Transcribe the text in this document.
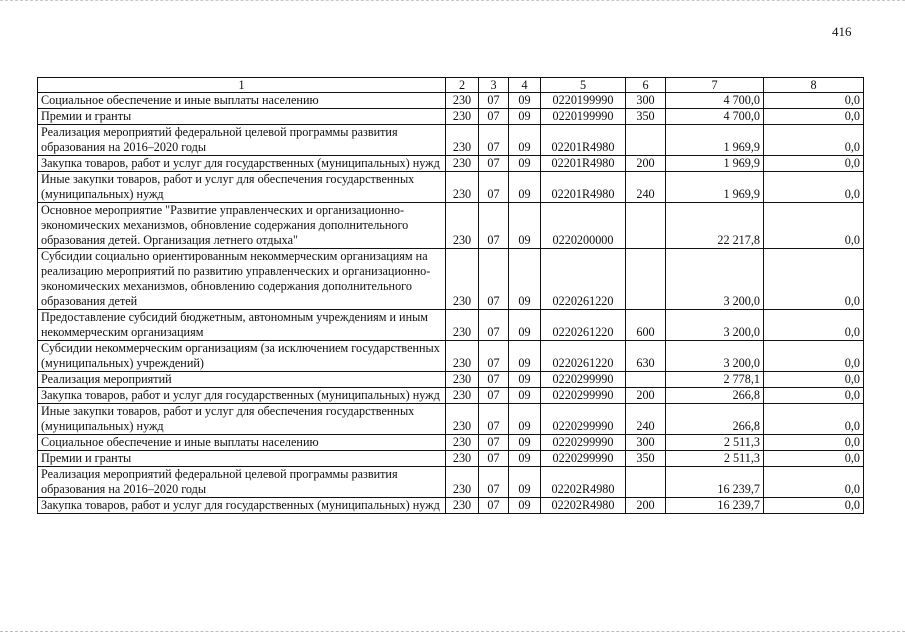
416
1	2	3	4	5	6	7	8
Социальное обеспечение и иные выплаты населению	230	07	09	0220199990	300	4 700,0	0,0
Премии и гранты	230	07	09	0220199990	350	4 700,0	0,0
Реализация мероприятий федеральной целевой программы развития образования на 2016–2020 годы	230	07	09	02201R4980		1 969,9	0,0
Закупка товаров, работ и услуг для государственных (муниципальных) нужд	230	07	09	02201R4980	200	1 969,9	0,0
Иные закупки товаров, работ и услуг для обеспечения государственных (муниципальных) нужд	230	07	09	02201R4980	240	1 969,9	0,0
Основное мероприятие "Развитие управленческих и организационно-экономических механизмов, обновление содержания дополнительного образования детей. Организация летнего отдыха"	230	07	09	0220200000		22 217,8	0,0
Субсидии социально ориентированным некоммерческим организациям на реализацию мероприятий по развитию управленческих и организационно-экономических механизмов, обновлению содержания дополнительного образования детей	230	07	09	0220261220		3 200,0	0,0
Предоставление субсидий бюджетным, автономным учреждениям и иным некоммерческим организациям	230	07	09	0220261220	600	3 200,0	0,0
Субсидии некоммерческим организациям (за исключением государственных (муниципальных) учреждений)	230	07	09	0220261220	630	3 200,0	0,0
Реализация мероприятий	230	07	09	0220299990		2 778,1	0,0
Закупка товаров, работ и услуг для государственных (муниципальных) нужд	230	07	09	0220299990	200	266,8	0,0
Иные закупки товаров, работ и услуг для обеспечения государственных (муниципальных) нужд	230	07	09	0220299990	240	266,8	0,0
Социальное обеспечение и иные выплаты населению	230	07	09	0220299990	300	2 511,3	0,0
Премии и гранты	230	07	09	0220299990	350	2 511,3	0,0
Реализация мероприятий федеральной целевой программы развития образования на 2016–2020 годы	230	07	09	02202R4980		16 239,7	0,0
Закупка товаров, работ и услуг для государственных (муниципальных) нужд	230	07	09	02202R4980	200	16 239,7	0,0
